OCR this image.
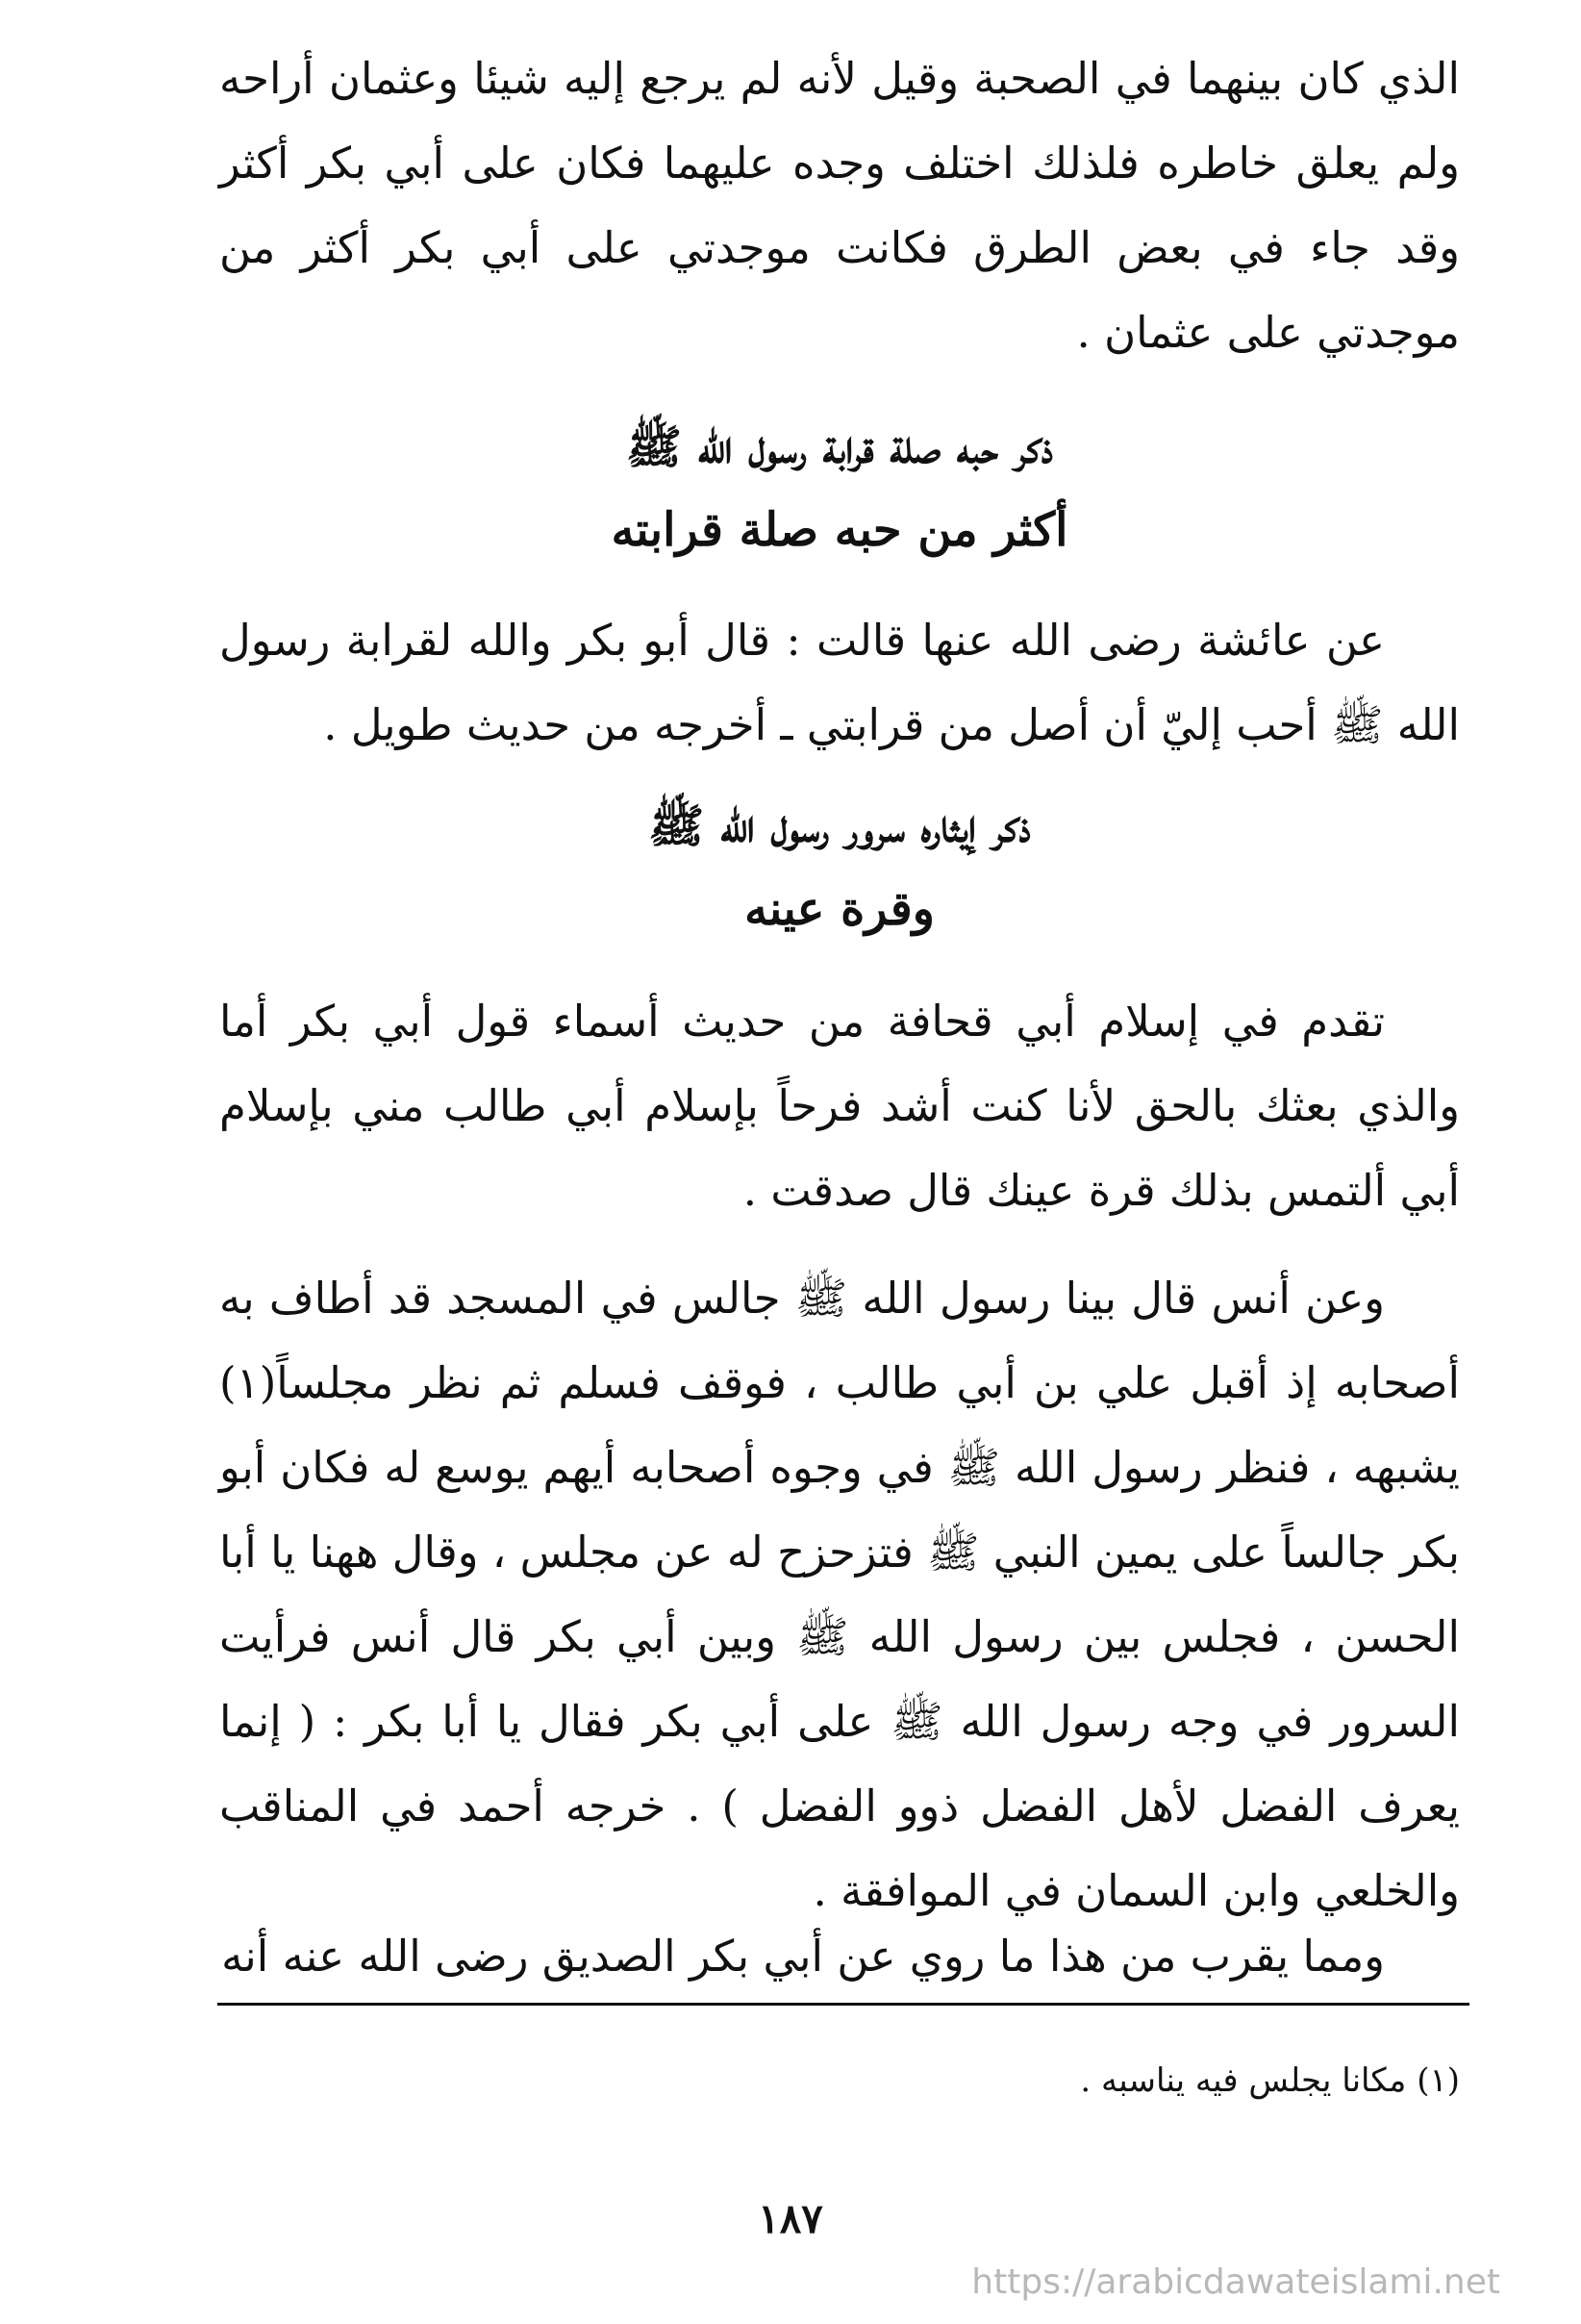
الذي كان بينهما في الصحبة وقيل لأنه لم يرجع إليه شيئا وعثمان أراحه ولم يعلق خاطره فلذلك اختلف وجده عليهما فكان على أبي بكر أكثر وقد جاء في بعض الطرق فكانت موجدتي على أبي بكر أكثر من موجدتي على عثمان .

ذكر حبه صلة قرابة رسول الله ﷺ
أكثر من حبه صلة قرابته

عن عائشة رضى الله عنها قالت : قال أبو بكر والله لقرابة رسول الله ﷺ أحب إليّ أن أصل من قرابتي ـ أخرجه من حديث طويل .

ذكر إيثاره سرور رسول الله ﷺ
وقرة عينه

تقدم في إسلام أبي قحافة من حديث أسماء قول أبي بكر أما والذي بعثك بالحق لأنا كنت أشد فرحاً بإسلام أبي طالب مني بإسلام أبي ألتمس بذلك قرة عينك قال صدقت .

وعن أنس قال بينا رسول الله ﷺ جالس في المسجد قد أطاف به أصحابه إذ أقبل علي بن أبي طالب ، فوقف فسلم ثم نظر مجلساً(١) يشبهه ، فنظر رسول الله ﷺ في وجوه أصحابه أيهم يوسع له فكان أبو بكر جالساً على يمين النبي ﷺ فتزحزح له عن مجلس ، وقال ههنا يا أبا الحسن ، فجلس بين رسول الله ﷺ وبين أبي بكر قال أنس فرأيت السرور في وجه رسول الله ﷺ على أبي بكر فقال يا أبا بكر : ( إنما يعرف الفضل لأهل الفضل ذوو الفضل ) . خرجه أحمد في المناقب والخلعي وابن السمان في الموافقة .

ومما يقرب من هذا ما روي عن أبي بكر الصديق رضى الله عنه أنه

(١) مكانا يجلس فيه يناسبه .
١٨٧
https://arabicdawateislami.net
